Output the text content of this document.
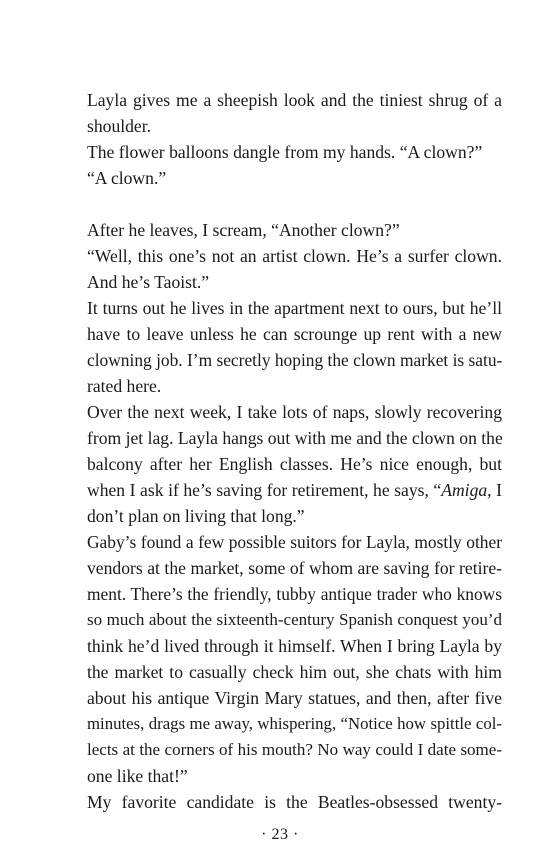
Layla gives me a sheepish look and the tiniest shrug of a
shoulder.
The flower balloons dangle from my hands. “A clown?”
“A clown.”
After he leaves, I scream, “Another clown?”
“Well, this one’s not an artist clown. He’s a surfer clown.
And he’s Taoist.”
It turns out he lives in the apartment next to ours, but he’ll
have to leave unless he can scrounge up rent with a new
clowning job. I’m secretly hoping the clown market is satu-
rated here.
Over the next week, I take lots of naps, slowly recovering
from jet lag. Layla hangs out with me and the clown on the
balcony after her English classes. He’s nice enough, but
when I ask if he’s saving for retirement, he says, “Amiga, I
don’t plan on living that long.”
Gaby’s found a few possible suitors for Layla, mostly other
vendors at the market, some of whom are saving for retire-
ment. There’s the friendly, tubby antique trader who knows
so much about the sixteenth-century Spanish conquest you’d
think he’d lived through it himself. When I bring Layla by
the market to casually check him out, she chats with him
about his antique Virgin Mary statues, and then, after five
minutes, drags me away, whispering, “Notice how spittle col-
lects at the corners of his mouth? No way could I date some-
one like that!”
My favorite candidate is the Beatles-obsessed twenty-
· 23 ·
